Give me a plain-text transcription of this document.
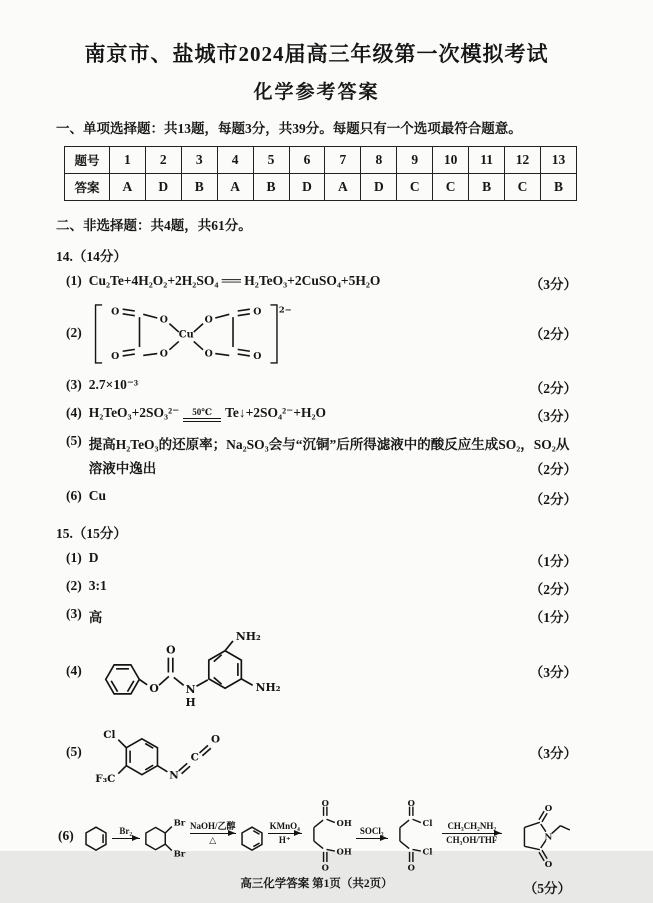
南京市、盐城市2024届高三年级第一次模拟考试
化学参考答案

一、单项选择题：共13题，每题3分，共39分。每题只有一个选项最符合题意。

题号	1	2	3	4	5	6	7	8	9	10	11	12	13
答案	A	D	B	A	B	D	A	D	C	C	B	C	B

二、非选择题：共4题，共61分。

14.（14分）

(1) Cu₂Te+4H₂O₂+2H₂SO₄ ══ H₂TeO₃+2CuSO₄+5H₂O	（3分）
(2)
2−
Cu
O
O
O
O
O
O
O
O
（2分）
(3) 2.7×10⁻³	（2分）
(4) H₂TeO₃+2SO₃²⁻ 50℃ Te↓+2SO₄²⁻+H₂O	（3分）
(5) 提高H₂TeO₃的还原率；Na₂SO₃会与“沉铜”后所得滤液中的酸反应生成SO₂，SO₂从溶液中逸出	（2分）
(6) Cu	（2分）

15.（15分）

(1) D	（1分）
(2) 3:1	（2分）
(3) 高	（1分）
(4)
O
O
N
H
NH₂
NH₂
（3分）
(5)
Cl
F₃C	N
C
O
（3分）
(6)	Br₂
Br
Br
NaOH/乙醇
△
KMnO₄
H⁺
O
OH
OH
O
SOCl₂
O
Cl
Cl
O
CH₃CH₂NH₂
CH₃OH/THF	N
O
O
（5分）

高三化学答案 第1页（共2页）
